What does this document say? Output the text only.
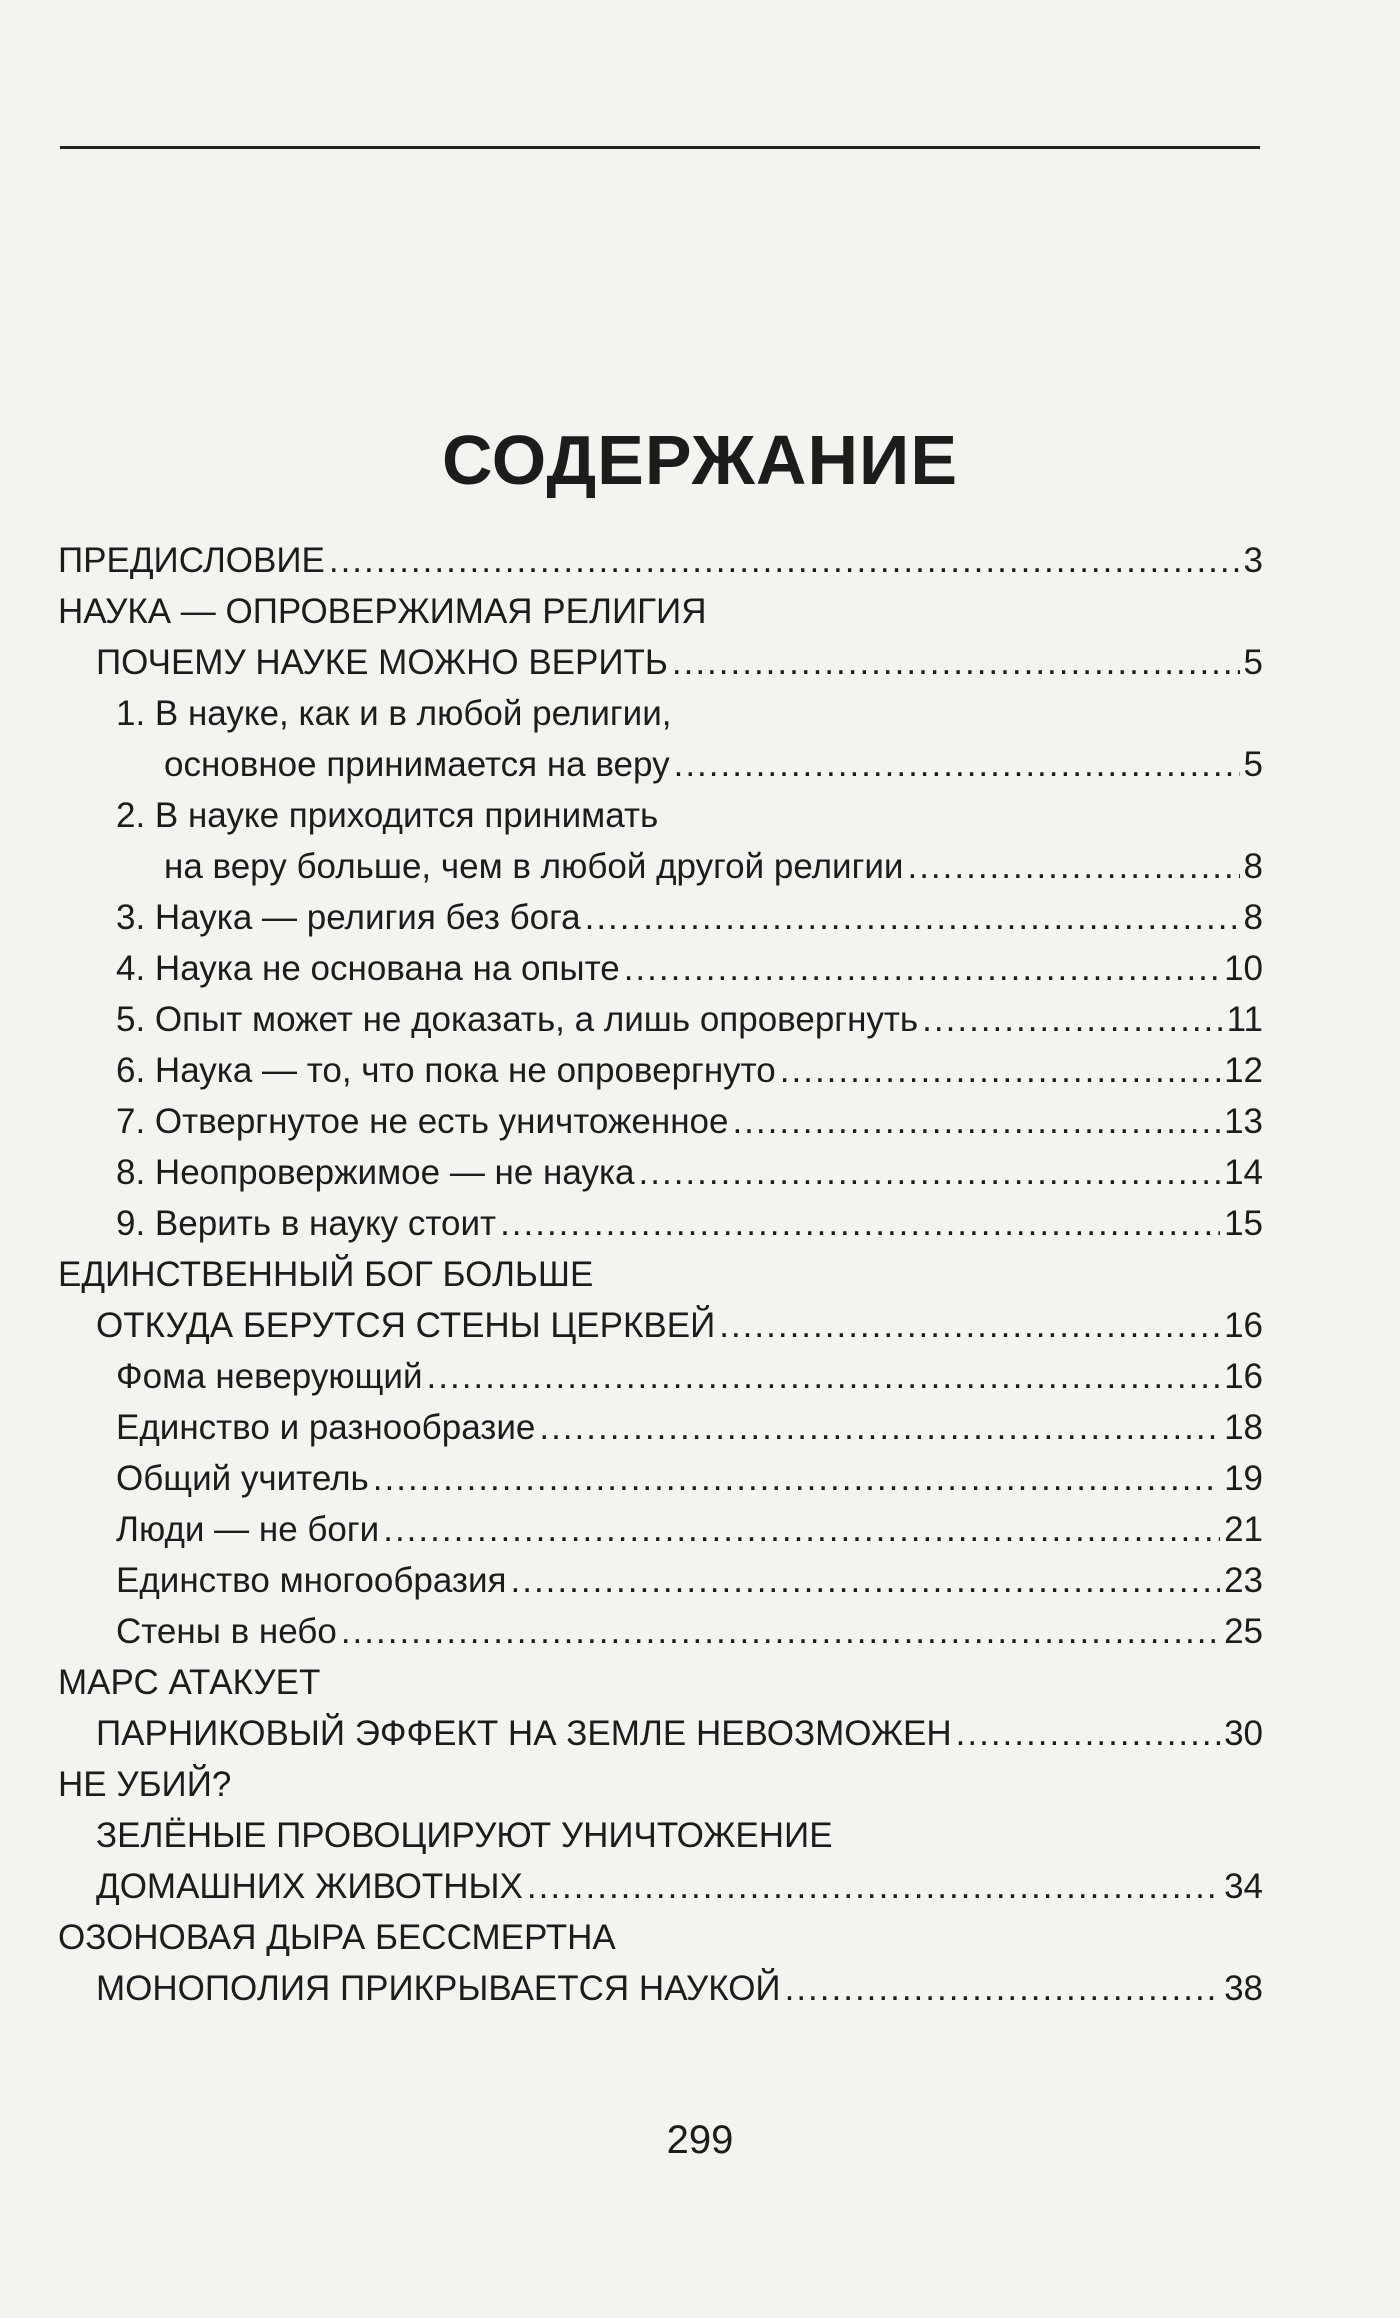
СОДЕРЖАНИЕ
ПРЕДИСЛОВИЕ .....	3
НАУКА — ОПРОВЕРЖИМАЯ РЕЛИГИЯ
ПОЧЕМУ НАУКЕ МОЖНО ВЕРИТЬ .....	5
1. В науке, как и в любой религии,
основное принимается на веру .....	5
2. В науке приходится принимать
на веру больше, чем в любой другой религии .....	8
3. Наука — религия без бога .....	8
4. Наука не основана на опыте .....	10
5. Опыт может не доказать, а лишь опровергнуть .....	11
6. Наука — то, что пока не опровергнуто .....	12
7. Отвергнутое не есть уничтоженное .....	13
8. Неопровержимое — не наука .....	14
9. Верить в науку стоит .....	15
ЕДИНСТВЕННЫЙ БОГ БОЛЬШЕ
ОТКУДА БЕРУТСЯ СТЕНЫ ЦЕРКВЕЙ .....	16
Фома неверующий .....	16
Единство и разнообразие .....	18
Общий учитель .....	19
Люди — не боги .....	21
Единство многообразия .....	23
Стены в небо .....	25
МАРС АТАКУЕТ
ПАРНИКОВЫЙ ЭФФЕКТ НА ЗЕМЛЕ НЕВОЗМОЖЕН .....	30
НЕ УБИЙ?
ЗЕЛЁНЫЕ ПРОВОЦИРУЮТ УНИЧТОЖЕНИЕ
ДОМАШНИХ ЖИВОТНЫХ .....	34
ОЗОНОВАЯ ДЫРА БЕССМЕРТНА
МОНОПОЛИЯ ПРИКРЫВАЕТСЯ НАУКОЙ .....	38
299
